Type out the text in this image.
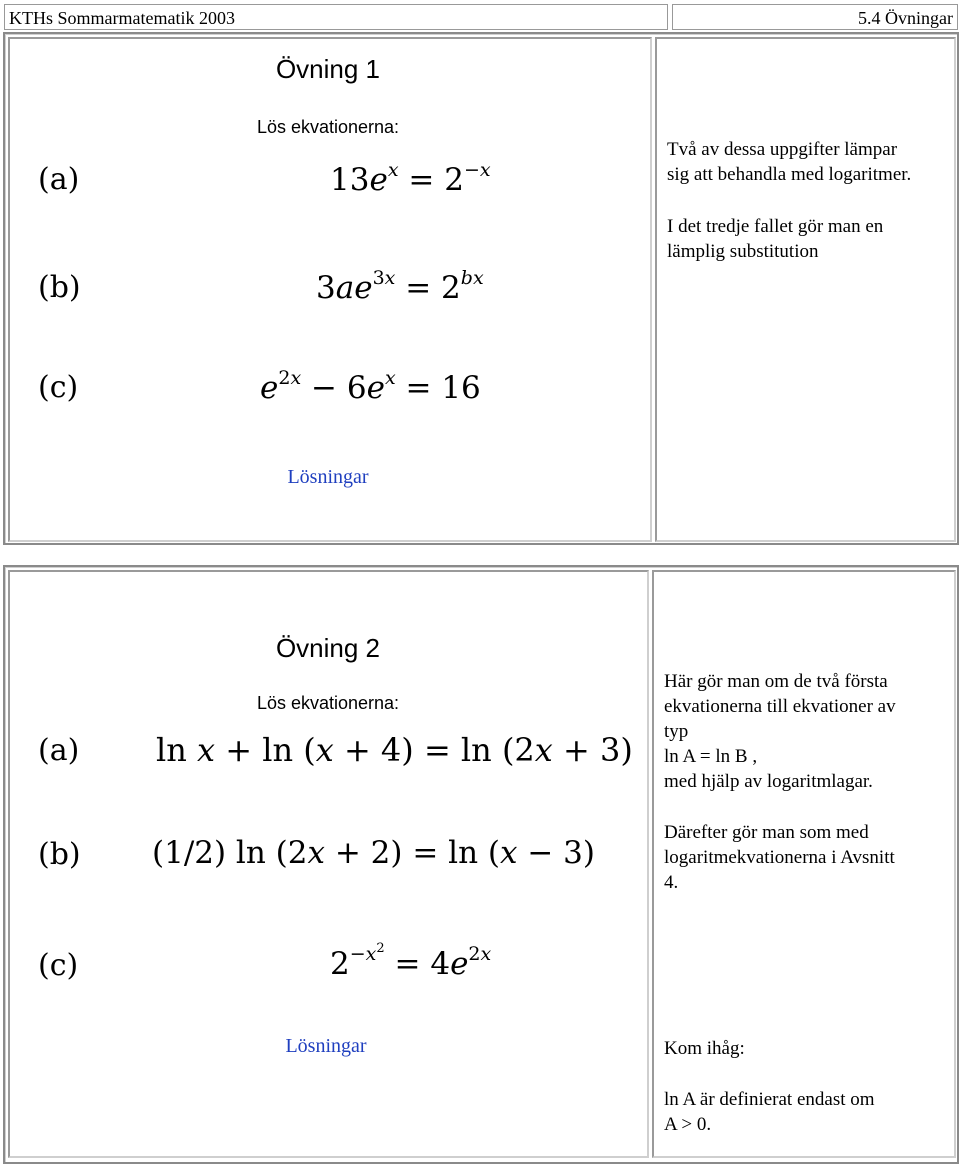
KTHs Sommarmatematik 2003	5.4 Övningar
Övning 1
Lös ekvationerna:
(a)	$13e^x = 2^{-x}$
(b)	$3ae^{3x} = 2^{bx}$
(c)	$e^{2x} - 6e^x = 16$
Lösningar
Två av dessa uppgifter lämpar
sig att behandla med logaritmer.
I det tredje fallet gör man en
lämplig substitution
Övning 2
Lös ekvationerna:
(a) ln x + ln (x + 4) = ln (2x + 3)
(b) (1/2) ln (2x + 2) = ln (x − 3)
(c)	$2^{-x^2} = 4e^{2x}$
Lösningar
Här gör man om de två första
ekvationerna till ekvationer av
typ
ln A = ln B ,
med hjälp av logaritmlagar.
Därefter gör man som med
logaritmekvationerna i Avsnitt
4.
Kom ihåg:
ln A är definierat endast om
A > 0.
